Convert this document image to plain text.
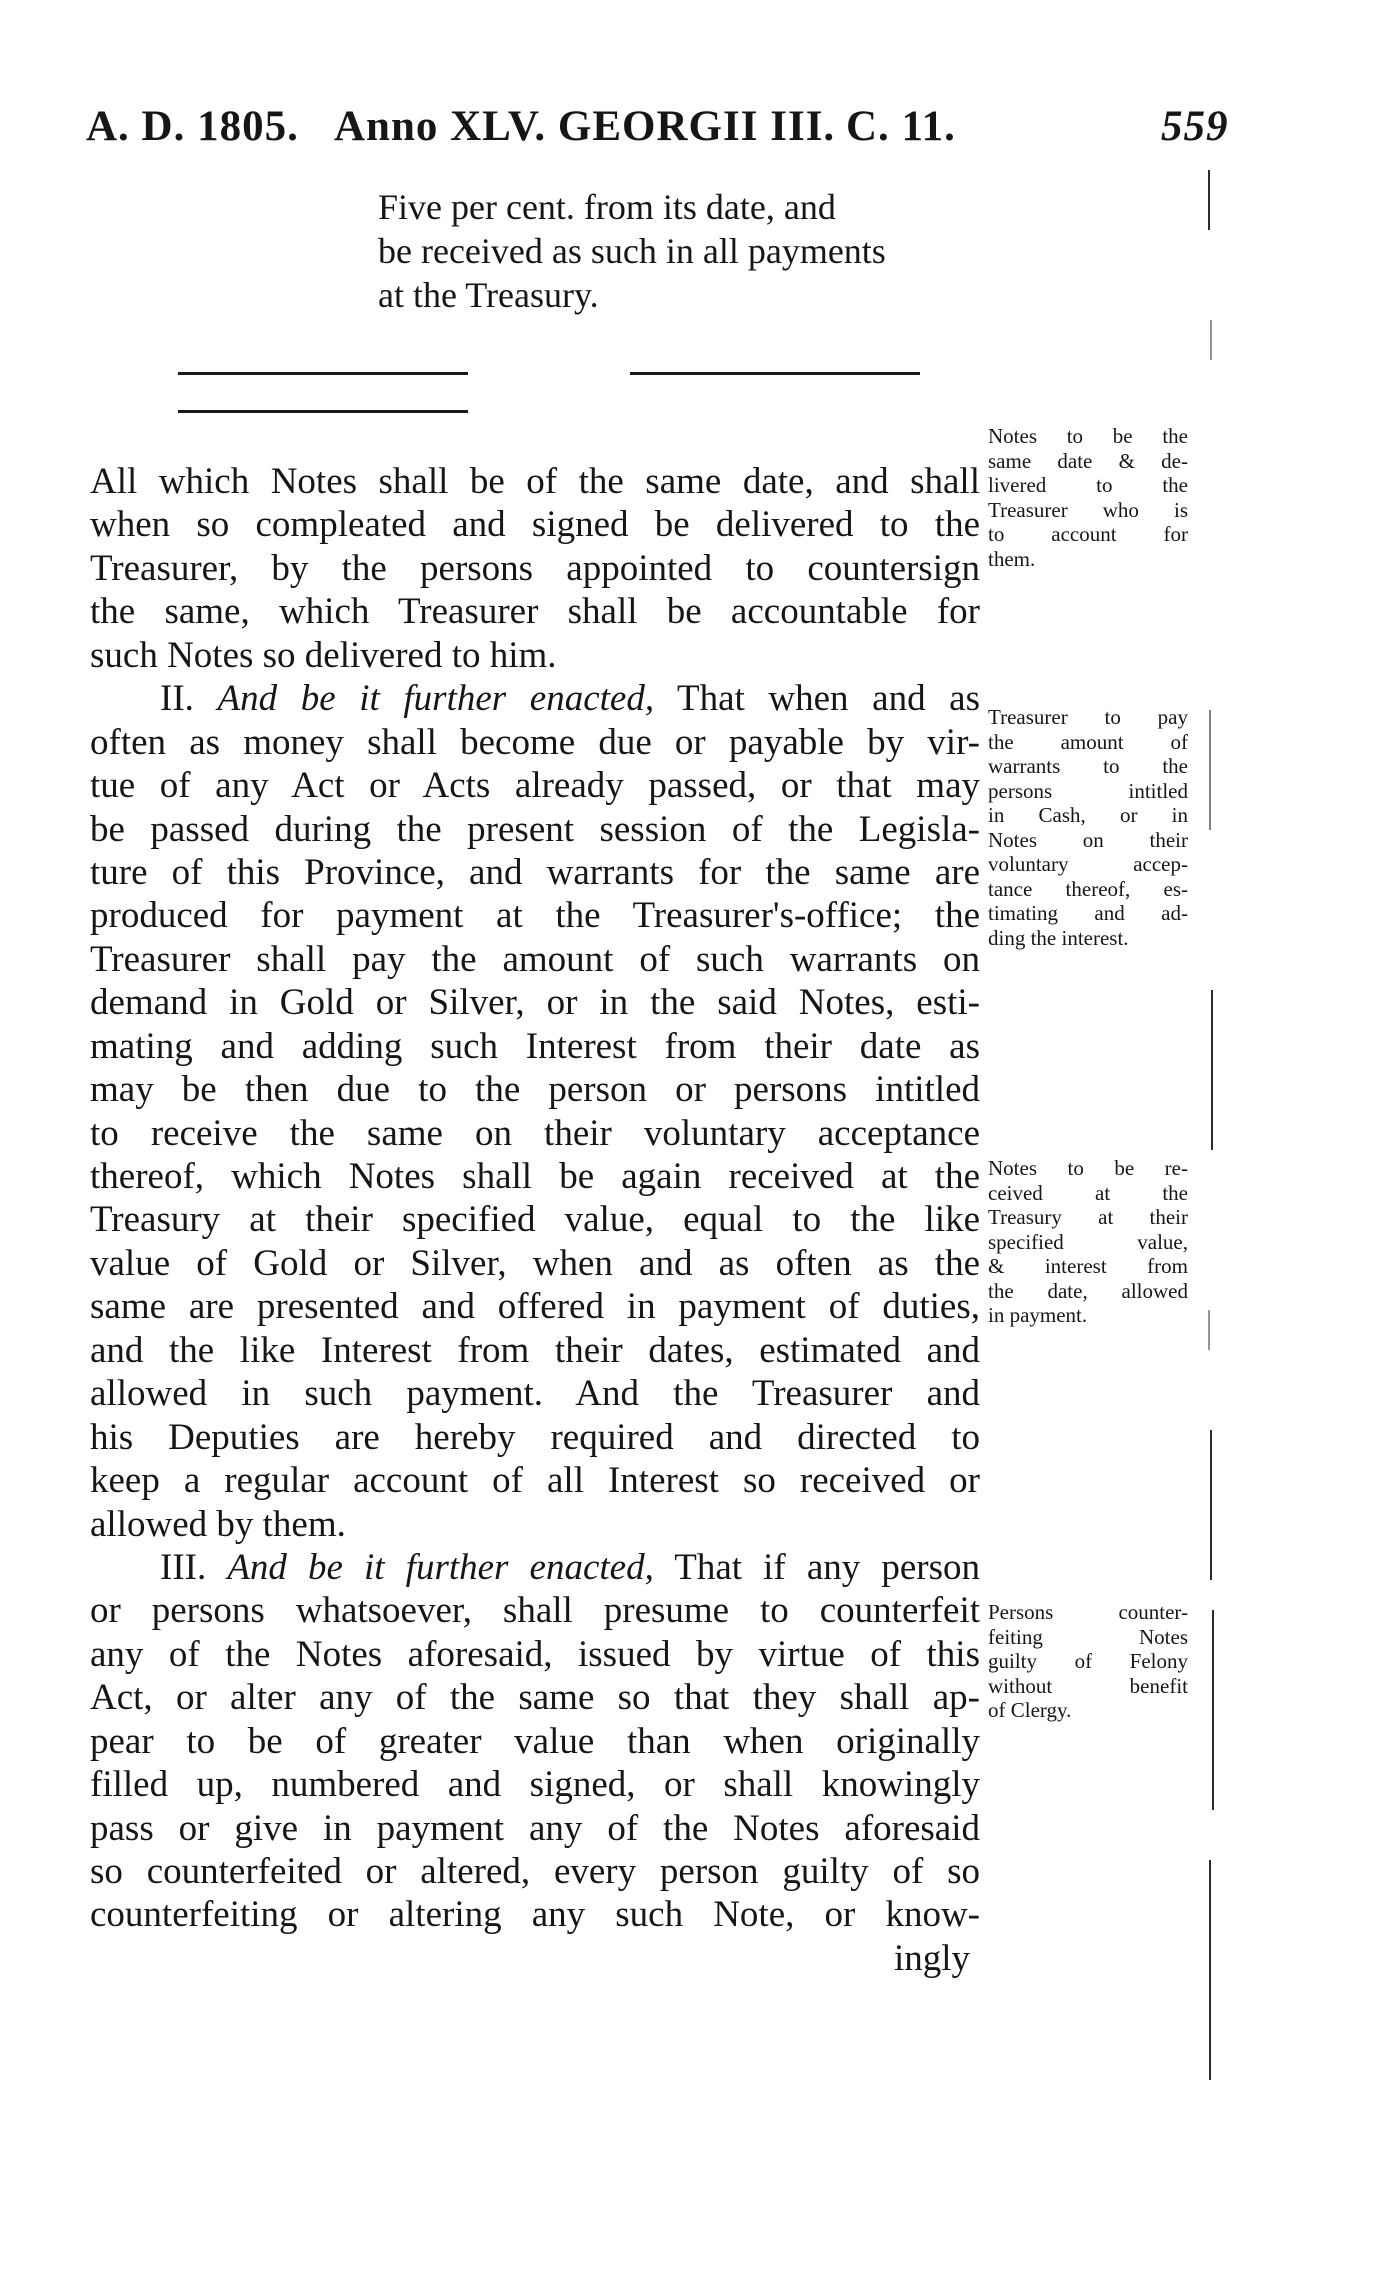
A. D. 1805. Anno XLV. GEORGII III. C. 11.	559
Five per cent. from its date, and
be received as such in all payments
at the Treasury.
All which Notes shall be of the same date, and shall
when so compleated and signed be delivered to the
Treasurer, by the persons appointed to countersign
the same, which Treasurer shall be accountable for
such Notes so delivered to him.
II. And be it further enacted, That when and as
often as money shall become due or payable by vir-
tue of any Act or Acts already passed, or that may
be passed during the present session of the Legisla-
ture of this Province, and warrants for the same are
produced for payment at the Treasurer's-office; the
Treasurer shall pay the amount of such warrants on
demand in Gold or Silver, or in the said Notes, esti-
mating and adding such Interest from their date as
may be then due to the person or persons intitled
to receive the same on their voluntary acceptance
thereof, which Notes shall be again received at the
Treasury at their specified value, equal to the like
value of Gold or Silver, when and as often as the
same are presented and offered in payment of duties,
and the like Interest from their dates, estimated and
allowed in such payment. And the Treasurer and
his Deputies are hereby required and directed to
keep a regular account of all Interest so received or
allowed by them.
III. And be it further enacted, That if any person
or persons whatsoever, shall presume to counterfeit
any of the Notes aforesaid, issued by virtue of this
Act, or alter any of the same so that they shall ap-
pear to be of greater value than when originally
filled up, numbered and signed, or shall knowingly
pass or give in payment any of the Notes aforesaid
so counterfeited or altered, every person guilty of so
counterfeiting or altering any such Note, or know-
ingly
Notes to be the
same date & de-
livered to the
Treasurer who is
to account for
them.
Treasurer to pay
the amount of
warrants to the
persons intitled
in Cash, or in
Notes on their
voluntary accep-
tance thereof, es-
timating and ad-
ding the interest.
Notes to be re-
ceived at the
Treasury at their
specified value,
& interest from
the date, allowed
in payment.
Persons counter-
feiting Notes
guilty of Felony
without benefit
of Clergy.
